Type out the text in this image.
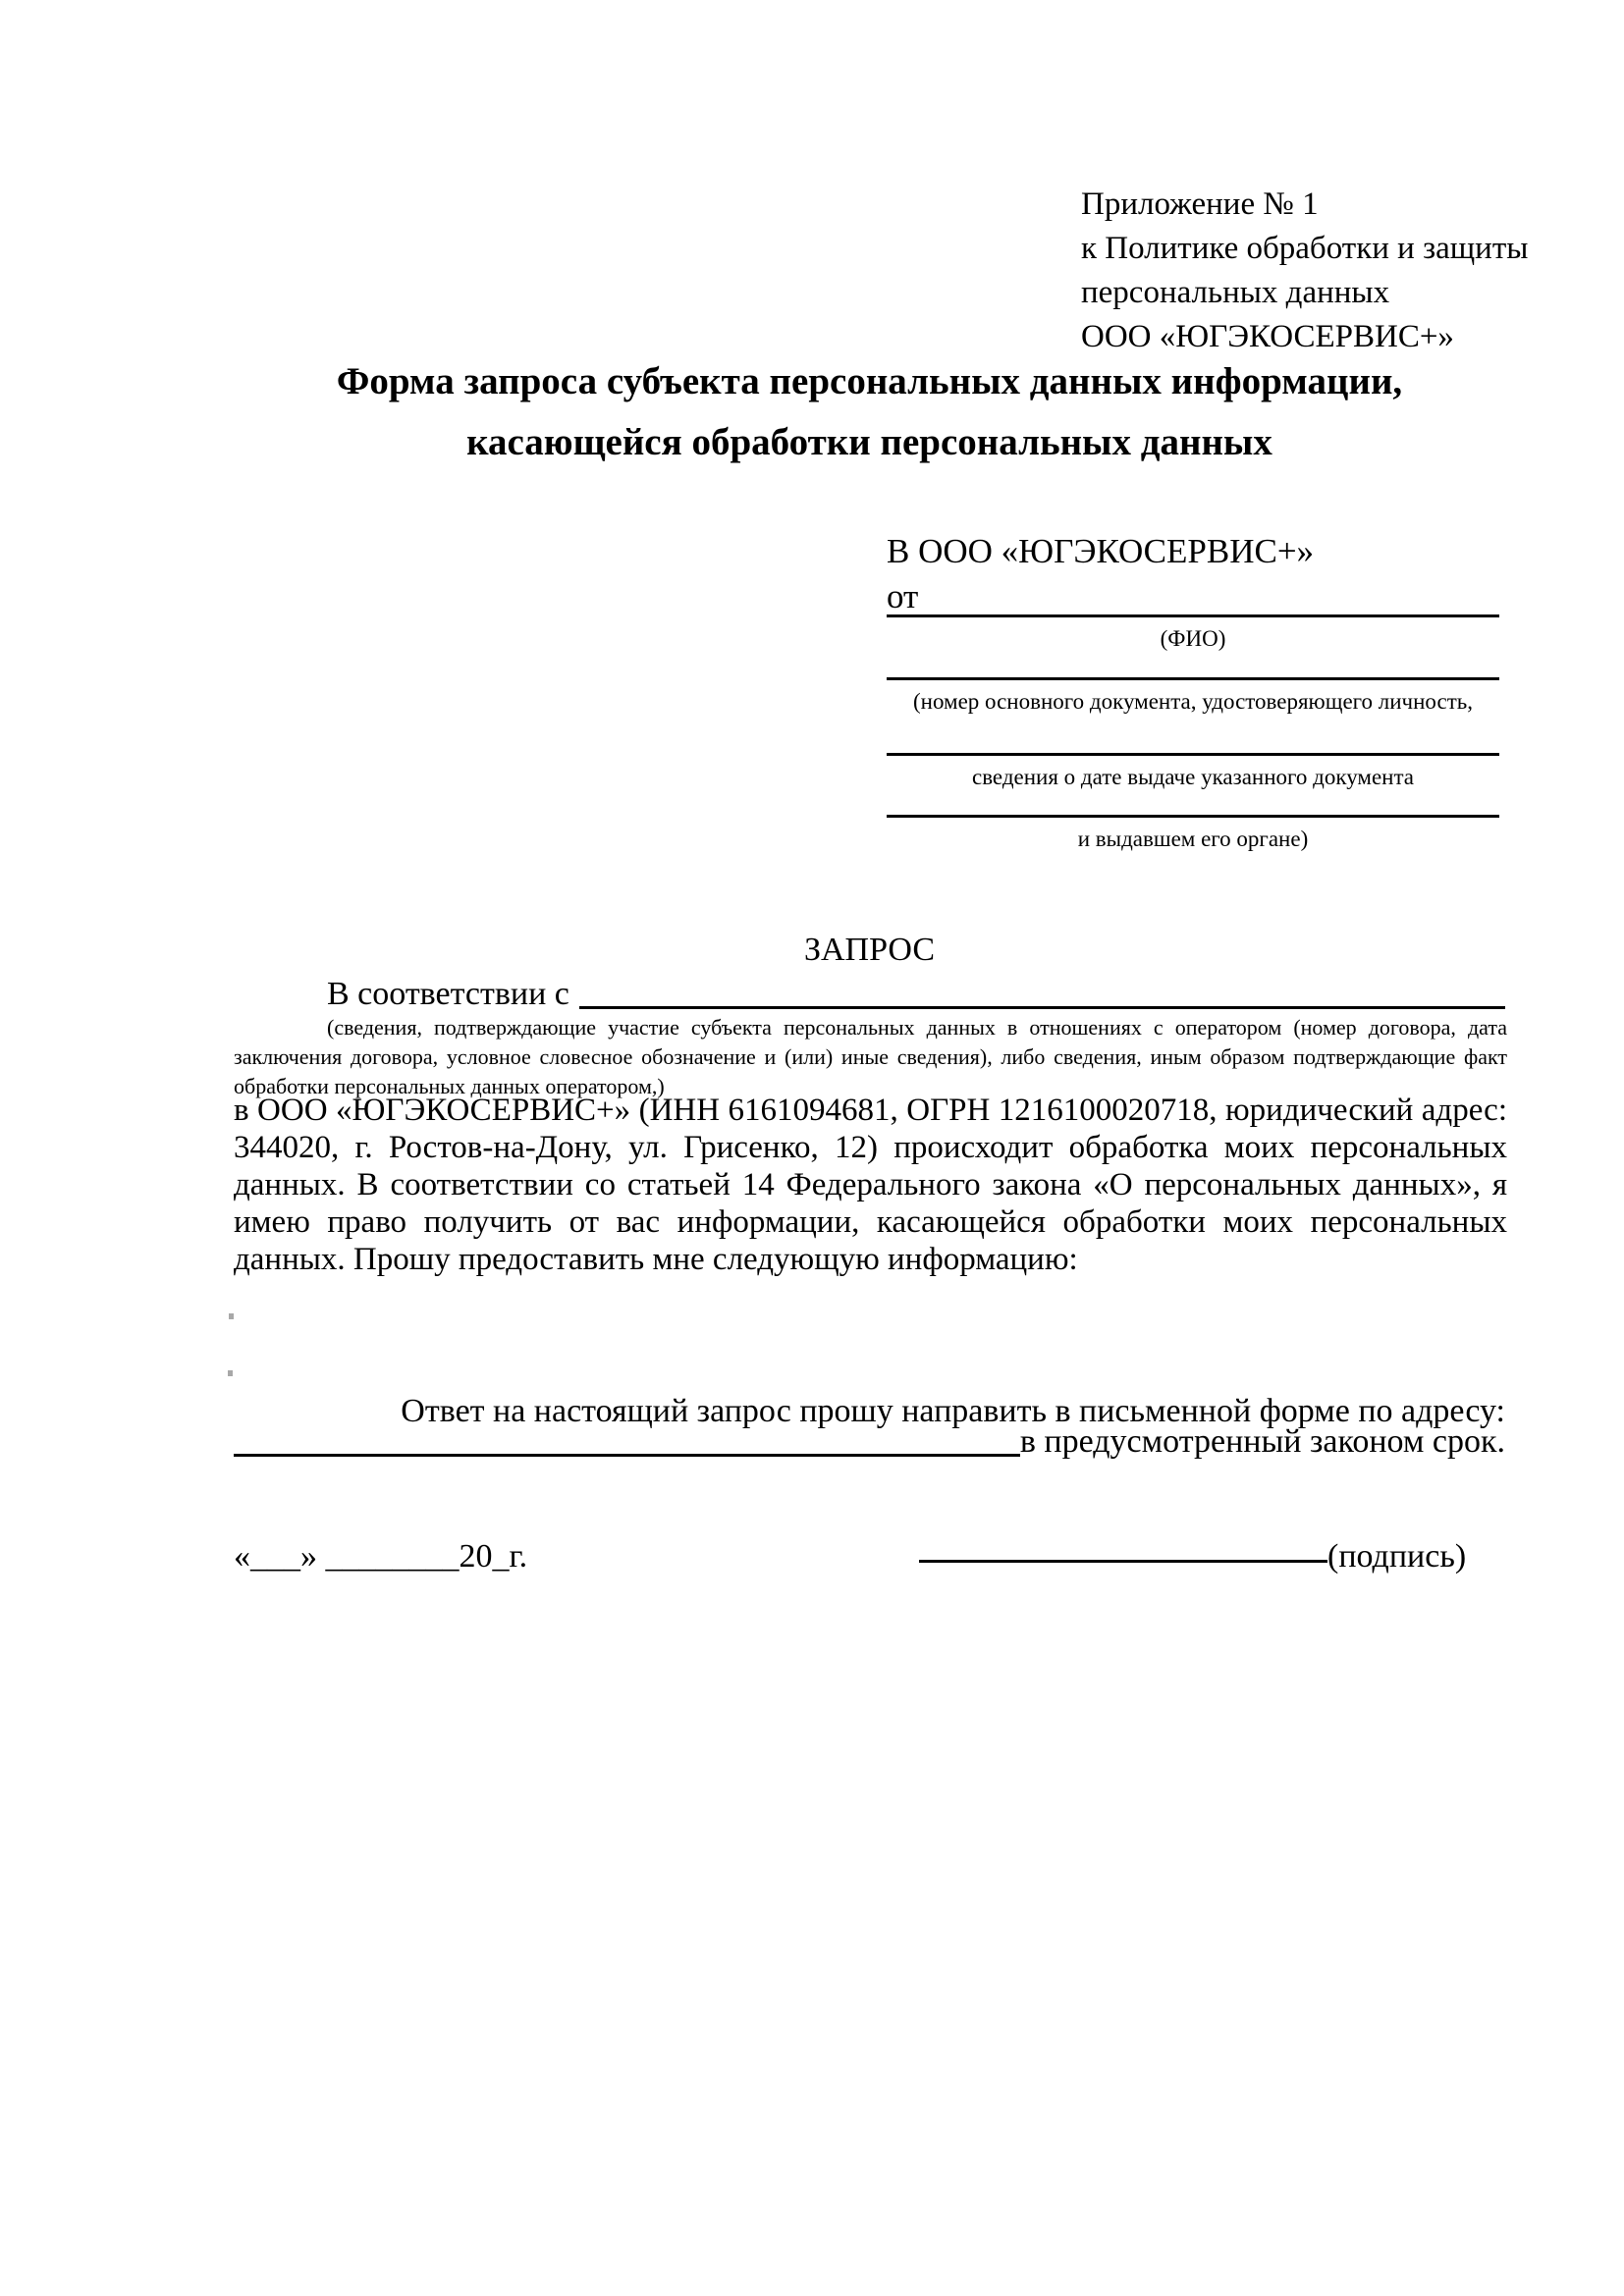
Приложение № 1
к Политике обработки и защиты
персональных данных
ООО «ЮГЭКОСЕРВИС+»
Форма запроса субъекта персональных данных информации,
касающейся обработки персональных данных
В ООО «ЮГЭКОСЕРВИС+»
от
(ФИО)
(номер основного документа, удостоверяющего личность,
сведения о дате выдаче указанного документа
и выдавшем его органе)
ЗАПРОС
В соответствии с
(сведения, подтверждающие участие субъекта персональных данных в отношениях с оператором (номер договора, дата заключения договора, условное словесное обозначение и (или) иные сведения), либо сведения, иным образом подтверждающие факт обработки персональных данных оператором,)
в ООО «ЮГЭКОСЕРВИС+» (ИНН 6161094681, ОГРН 1216100020718, юридический адрес: 344020, г. Ростов-на-Дону, ул. Грисенко, 12) происходит обработка моих персональных данных. В соответствии со статьей 14 Федерального закона «О персональных данных», я имею право получить от вас информации, касающейся обработки моих персональных данных. Прошу предоставить мне следующую информацию:
Ответ на настоящий запрос прошу направить в письменной форме по адресу:
в предусмотренный законом срок.
«___» ________20_г.	(подпись)
